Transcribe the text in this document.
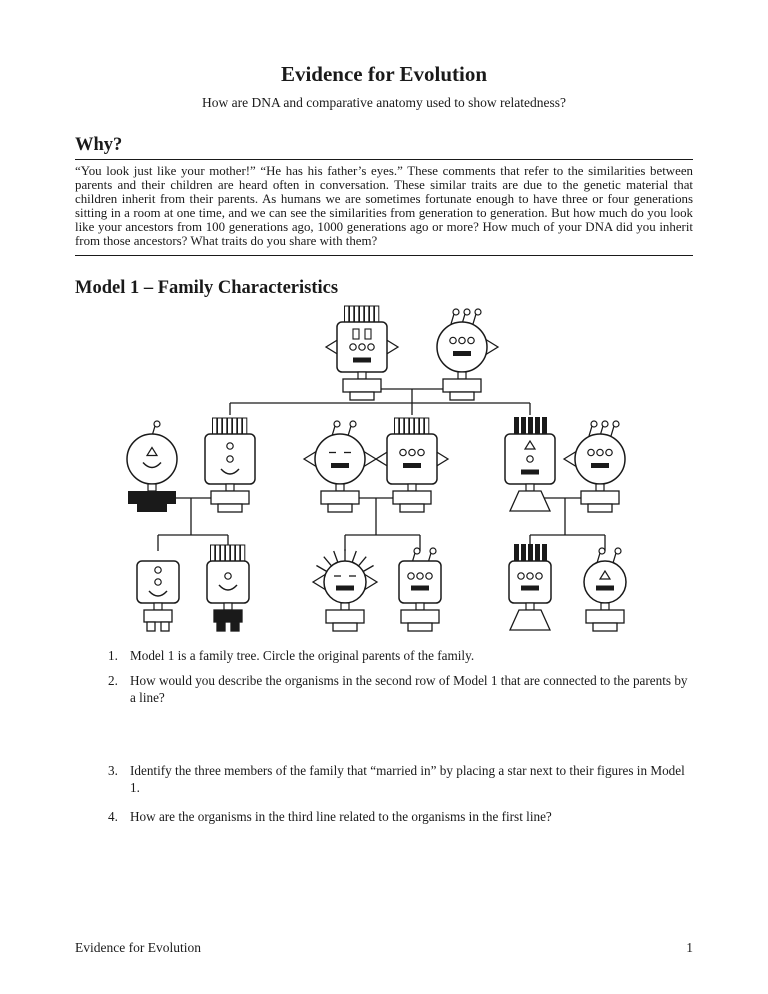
Evidence for Evolution
How are DNA and comparative anatomy used to show relatedness?
Why?

“You look just like your mother!” “He has his father’s eyes.” These comments that refer to the similarities between parents and their children are heard often in conversation. These similar traits are due to the genetic material that children inherit from their parents. As humans we are sometimes fortunate enough to have three or four generations sitting in a room at one time, and we can see the similarities from generation to generation. But how much do you look like your ancestors from 100 generations ago, 1000 generations ago or more? How much of your DNA did you inherit from those ancestors? What traits do you share with them?

Model 1 – Family Characteristics
1. Model 1 is a family tree. Circle the original parents of the family.
2. How would you describe the organisms in the second row of Model 1 that are connected to the parents by a line?
3. Identify the three members of the family that “married in” by placing a star next to their figures in Model 1.
4. How are the organisms in the third line related to the organisms in the first line?
Evidence for Evolution	1
